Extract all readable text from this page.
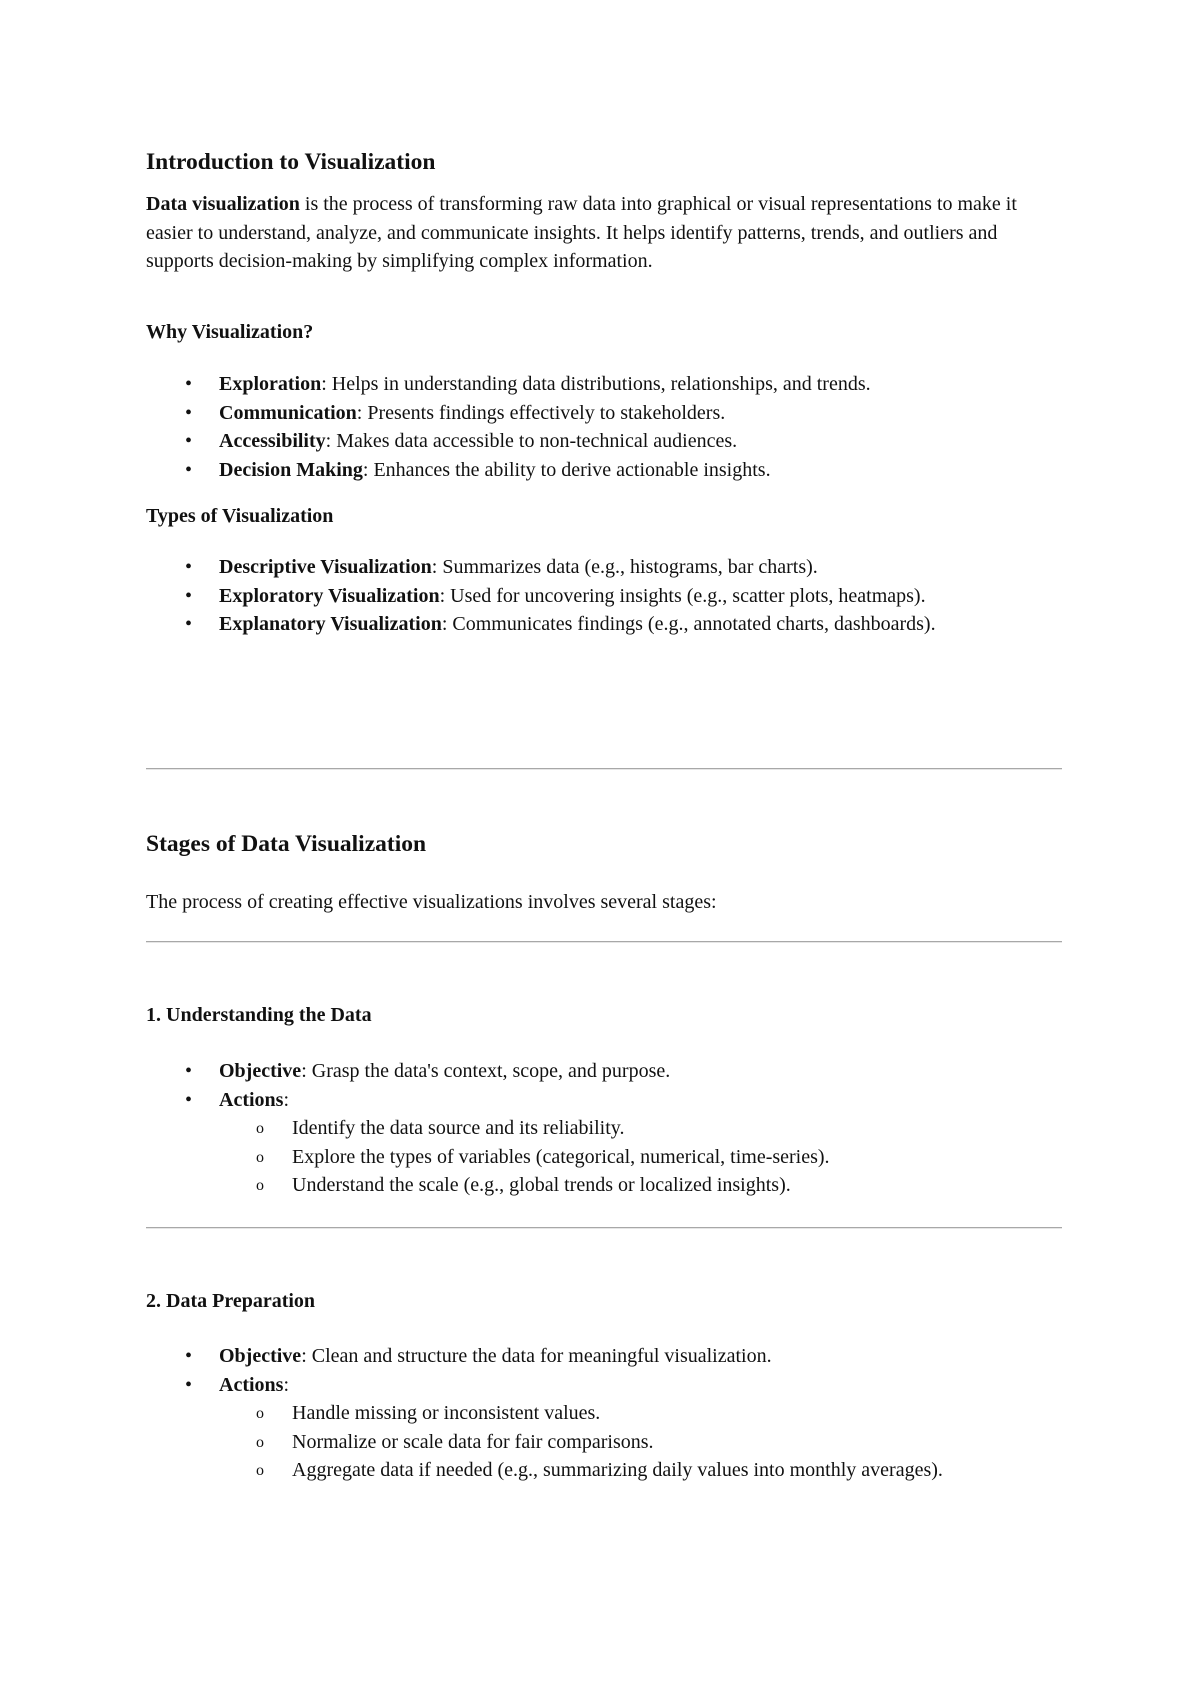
Introduction to Visualization

Data visualization is the process of transforming raw data into graphical or visual representations to make it easier to understand, analyze, and communicate insights. It helps identify patterns, trends, and outliers and supports decision-making by simplifying complex information.

Why Visualization?
• Exploration: Helps in understanding data distributions, relationships, and trends.
• Communication: Presents findings effectively to stakeholders.
• Accessibility: Makes data accessible to non-technical audiences.
• Decision Making: Enhances the ability to derive actionable insights.
Types of Visualization
• Descriptive Visualization: Summarizes data (e.g., histograms, bar charts).
• Exploratory Visualization: Used for uncovering insights (e.g., scatter plots, heatmaps).
• Explanatory Visualization: Communicates findings (e.g., annotated charts, dashboards).
Stages of Data Visualization

The process of creating effective visualizations involves several stages:

1. Understanding the Data
• Objective: Grasp the data's context, scope, and purpose.
• Actions:
o Identify the data source and its reliability.
o Explore the types of variables (categorical, numerical, time-series).
o Understand the scale (e.g., global trends or localized insights).
2. Data Preparation
• Objective: Clean and structure the data for meaningful visualization.
• Actions:
o Handle missing or inconsistent values.
o Normalize or scale data for fair comparisons.
o Aggregate data if needed (e.g., summarizing daily values into monthly averages).
